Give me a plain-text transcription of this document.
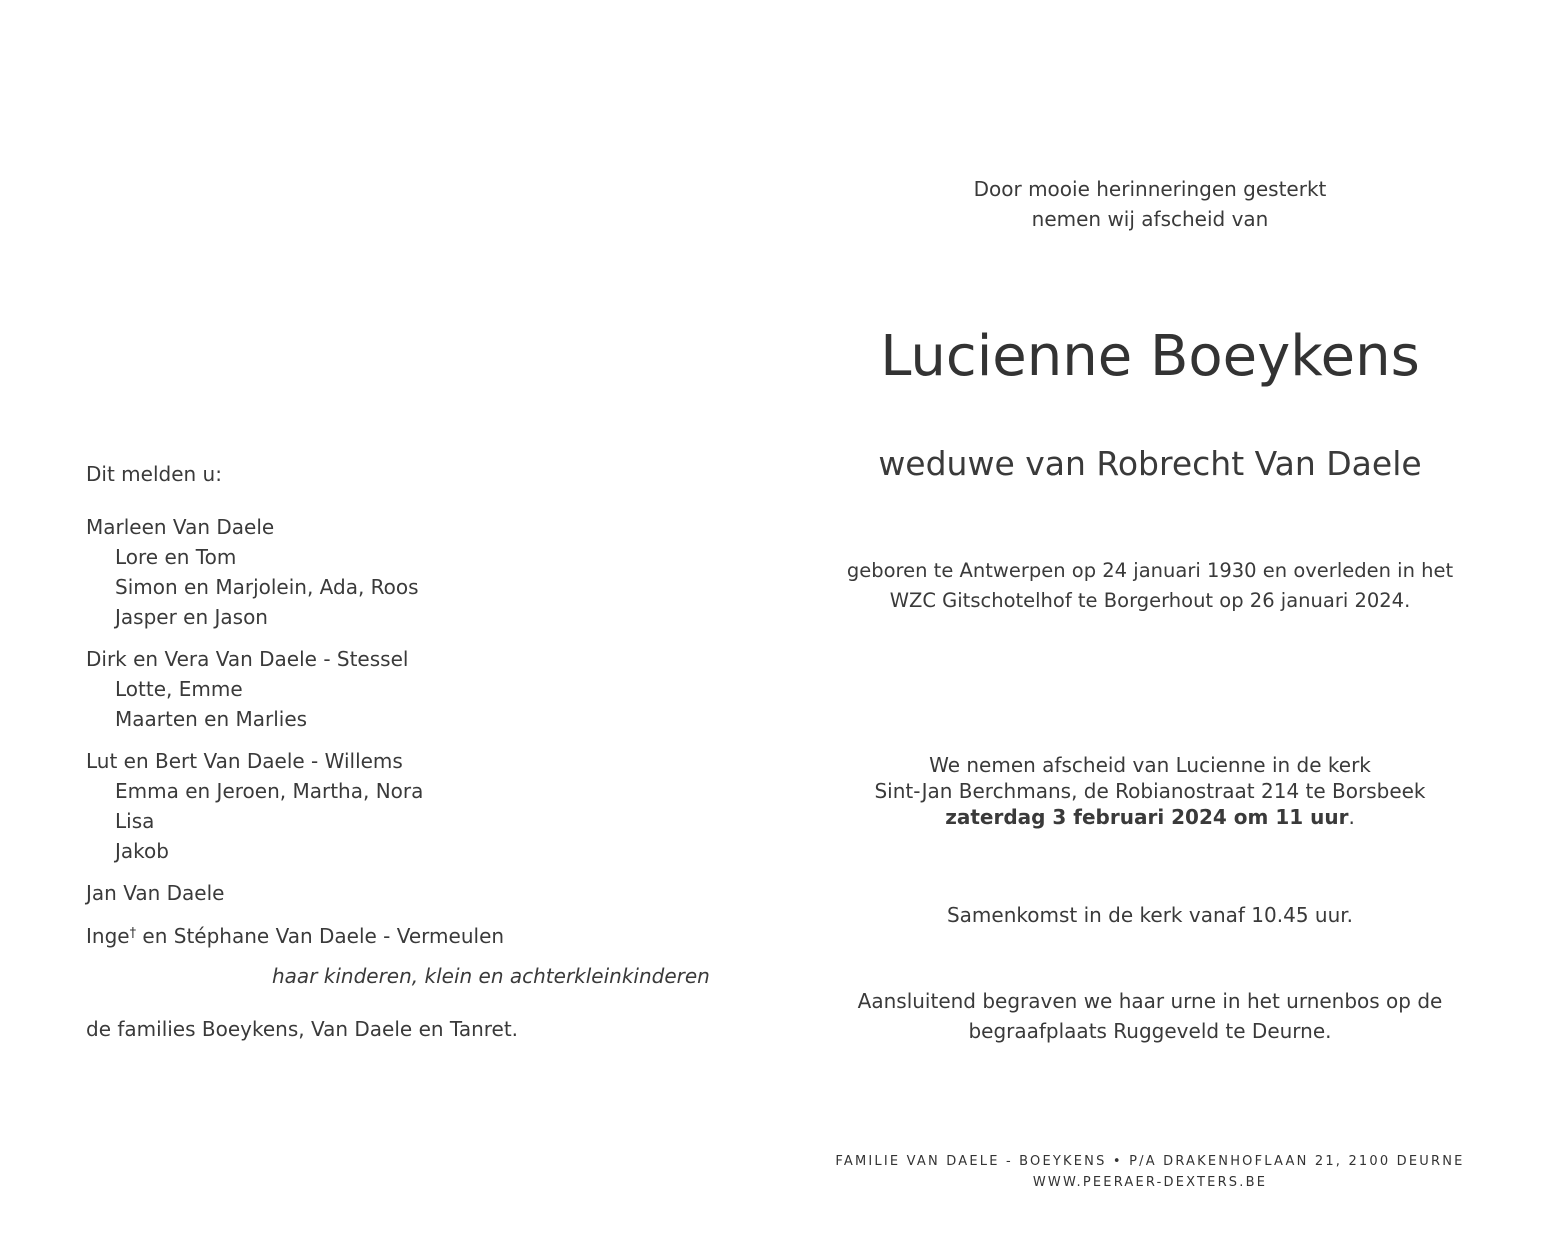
Dit melden u:
Marleen Van Daele
Lore en Tom
Simon en Marjolein, Ada, Roos
Jasper en Jason
Dirk en Vera Van Daele - Stessel
Lotte, Emme
Maarten en Marlies
Lut en Bert Van Daele - Willems
Emma en Jeroen, Martha, Nora
Lisa
Jakob
Jan Van Daele
Inge† en Stéphane Van Daele - Vermeulen
haar kinderen, klein en achterkleinkinderen
de families Boeykens, Van Daele en Tanret.
Door mooie herinneringen gesterkt
nemen wij afscheid van
Lucienne Boeykens
weduwe van Robrecht Van Daele
geboren te Antwerpen op 24 januari 1930 en overleden in het
WZC Gitschotelhof te Borgerhout op 26 januari 2024.
We nemen afscheid van Lucienne in de kerk
Sint-Jan Berchmans, de Robianostraat 214 te Borsbeek
zaterdag 3 februari 2024 om 11 uur.
Samenkomst in de kerk vanaf 10.45 uur.
Aansluitend begraven we haar urne in het urnenbos op de
begraafplaats Ruggeveld te Deurne.
FAMILIE VAN DAELE - BOEYKENS • P/A DRAKENHOFLAAN 21, 2100 DEURNE
WWW.PEERAER-DEXTERS.BE
